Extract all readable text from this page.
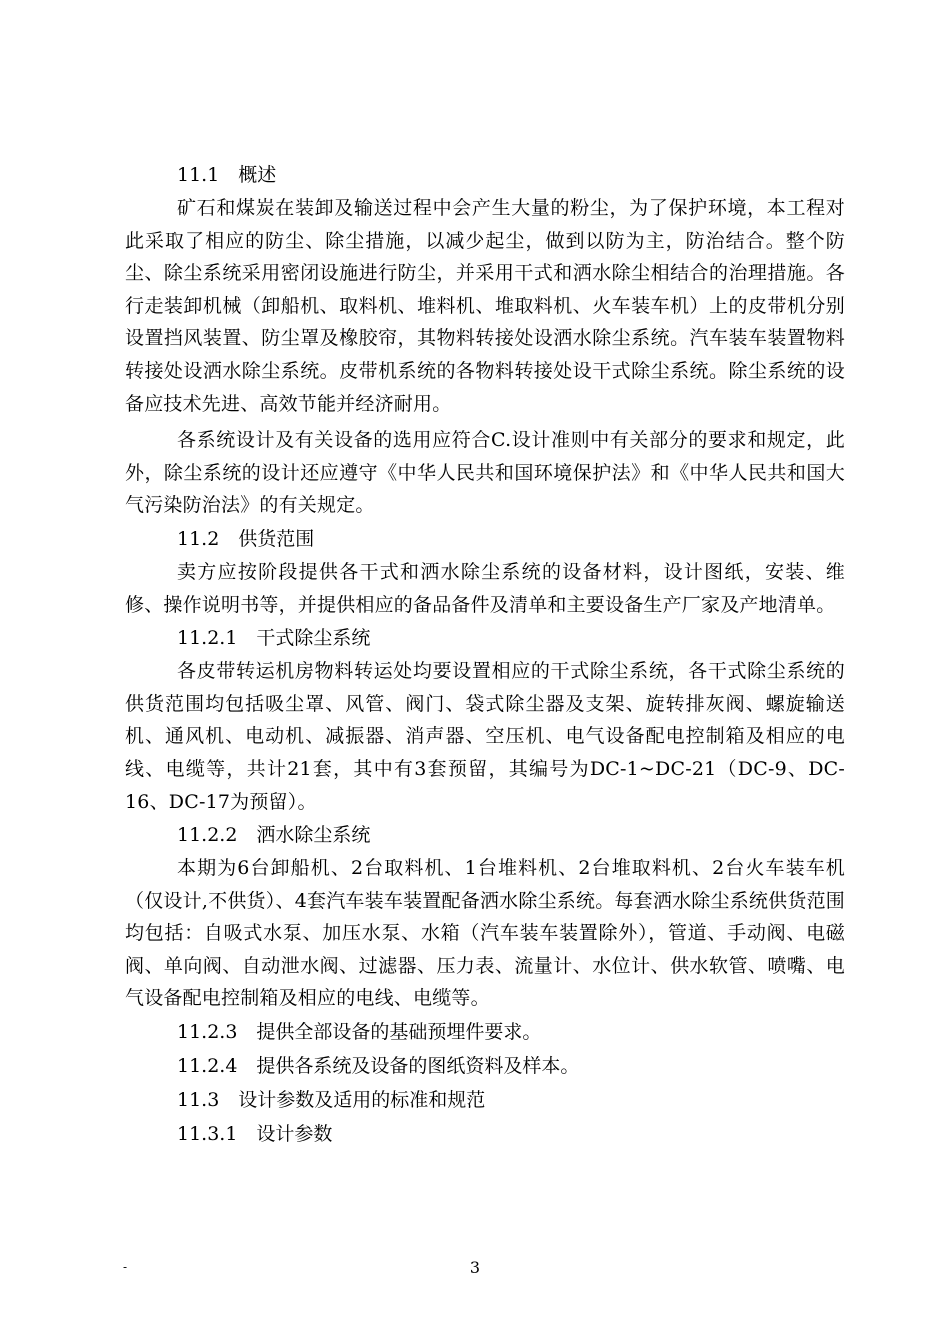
11.1　概述

矿石和煤炭在装卸及输送过程中会产生大量的粉尘，为了保护环境，本工程对此采取了相应的防尘、除尘措施，以减少起尘，做到以防为主，防治结合。整个防尘、除尘系统采用密闭设施进行防尘，并采用干式和洒水除尘相结合的治理措施。各行走装卸机械（卸船机、取料机、堆料机、堆取料机、火车装车机）上的皮带机分别设置挡风装置、防尘罩及橡胶帘，其物料转接处设洒水除尘系统。汽车装车装置物料转接处设洒水除尘系统。皮带机系统的各物料转接处设干式除尘系统。除尘系统的设备应技术先进、高效节能并经济耐用。

各系统设计及有关设备的选用应符合C.设计准则中有关部分的要求和规定，此外，除尘系统的设计还应遵守《中华人民共和国环境保护法》和《中华人民共和国大气污染防治法》的有关规定。

11.2　供货范围

卖方应按阶段提供各干式和洒水除尘系统的设备材料，设计图纸，安装、维修、操作说明书等，并提供相应的备品备件及清单和主要设备生产厂家及产地清单。

11.2.1　干式除尘系统

各皮带转运机房物料转运处均要设置相应的干式除尘系统，各干式除尘系统的供货范围均包括吸尘罩、风管、阀门、袋式除尘器及支架、旋转排灰阀、螺旋输送机、通风机、电动机、减振器、消声器、空压机、电气设备配电控制箱及相应的电线、电缆等，共计21套，其中有3套预留，其编号为DC-1~DC-21（DC-9、DC-16、DC-17为预留）。

11.2.2　洒水除尘系统

本期为6台卸船机、2台取料机、1台堆料机、2台堆取料机、2台火车装车机（仅设计,不供货）、4套汽车装车装置配备洒水除尘系统。每套洒水除尘系统供货范围均包括：自吸式水泵、加压水泵、水箱（汽车装车装置除外），管道、手动阀、电磁阀、单向阀、自动泄水阀、过滤器、压力表、流量计、水位计、供水软管、喷嘴、电气设备配电控制箱及相应的电线、电缆等。

11.2.3　提供全部设备的基础预埋件要求。

11.2.4　提供各系统及设备的图纸资料及样本。

11.3　设计参数及适用的标准和规范

11.3.1　设计参数

-	3
